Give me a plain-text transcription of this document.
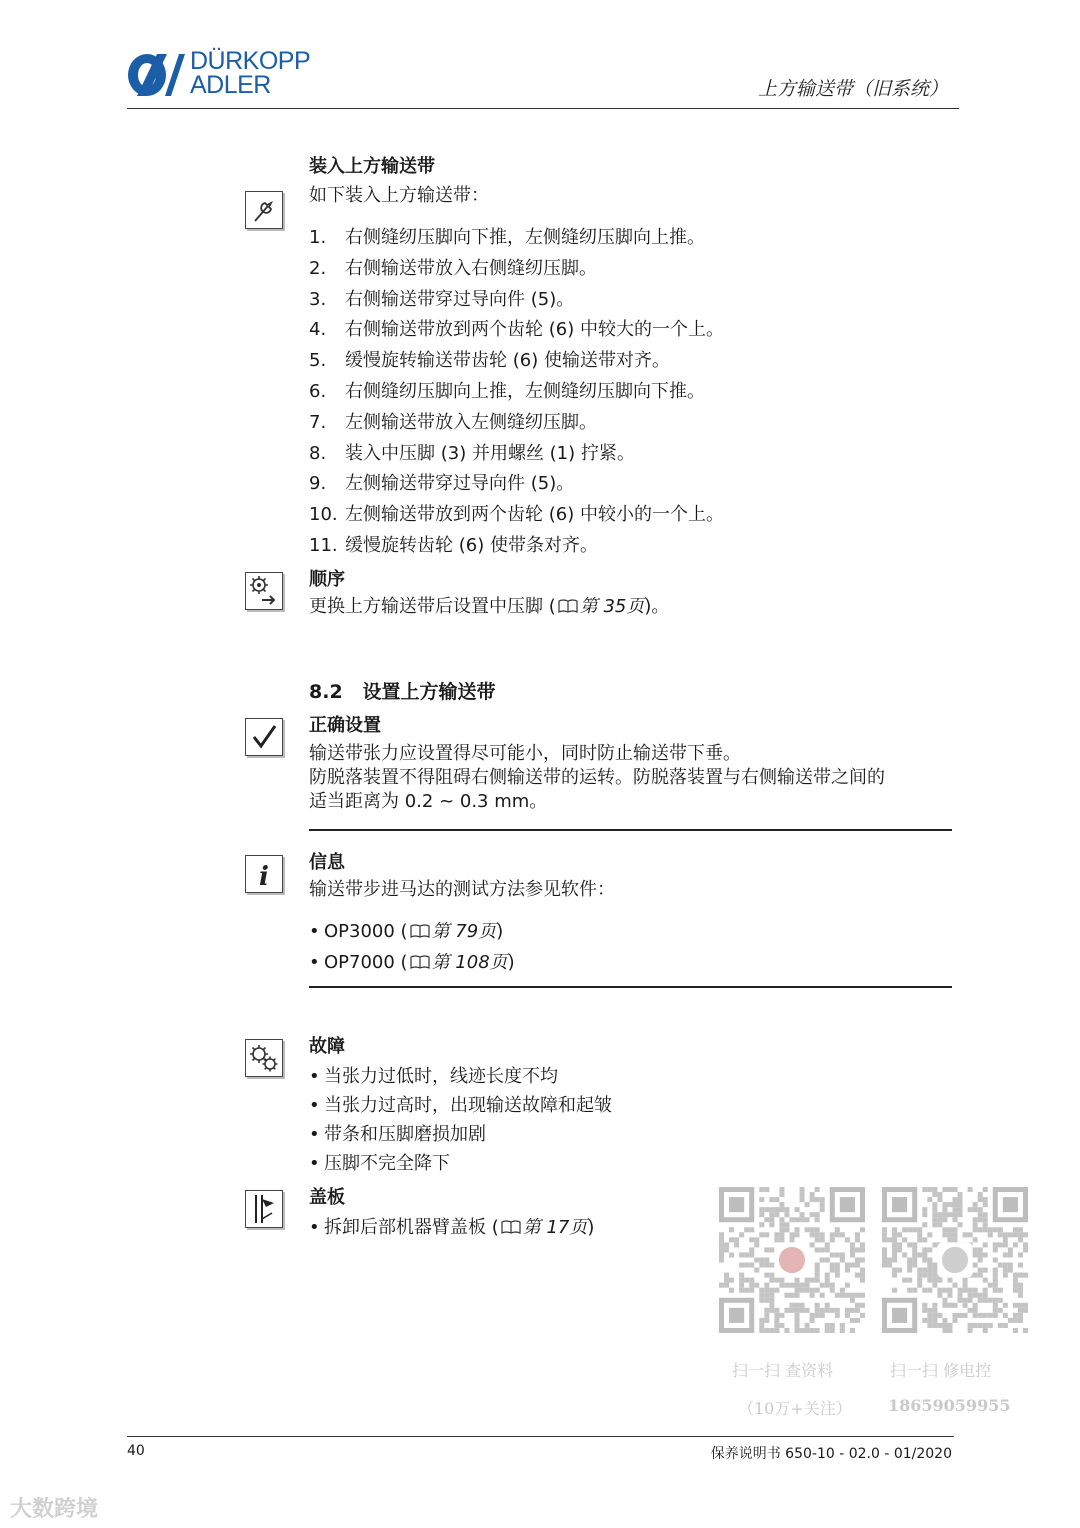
DÜRKOPP
ADLER	上方输送带（旧系统）
装入上方输送带
如下装入上方输送带：
1. 右侧缝纫压脚向下推，左侧缝纫压脚向上推。
2. 右侧输送带放入右侧缝纫压脚。
3. 右侧输送带穿过导向件 (5)。
4. 右侧输送带放到两个齿轮 (6) 中较大的一个上。
5. 缓慢旋转输送带齿轮 (6) 使输送带对齐。
6. 右侧缝纫压脚向上推，左侧缝纫压脚向下推。
7. 左侧输送带放入左侧缝纫压脚。
8. 装入中压脚 (3) 并用螺丝 (1) 拧紧。
9. 左侧输送带穿过导向件 (5)。
10. 左侧输送带放到两个齿轮 (6) 中较小的一个上。
11. 缓慢旋转齿轮 (6) 使带条对齐。
顺序
更换上方输送带后设置中压脚 ( 第 35页)。
8.2 设置上方输送带
正确设置
输送带张力应设置得尽可能小，同时防止输送带下垂。
防脱落装置不得阻碍右侧输送带的运转。防脱落装置与右侧输送带之间的
适当距离为 0.2 ~ 0.3 mm。
i 信息
输送带步进马达的测试方法参见软件：
• OP3000 ( 第 79页)
• OP7000 ( 第 108页)
故障
• 当张力过低时，线迹长度不均
• 当张力过高时，出现输送故障和起皱
• 带条和压脚磨损加剧
• 压脚不完全降下
盖板
• 拆卸后部机器臂盖板 ( 第 17页)
扫一扫 查资料
（10万+关注）
扫一扫 修电控
18659059955
40	保养说明书 650-10 - 02.0 - 01/2020
大数跨境
